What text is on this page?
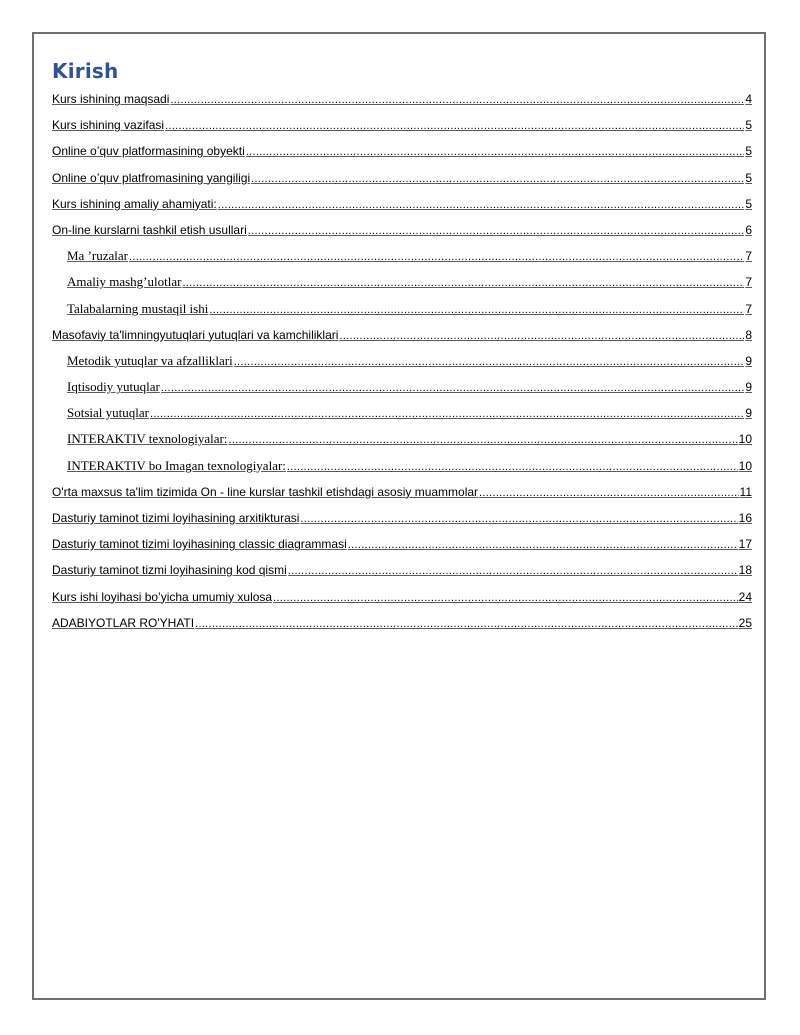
Kirish
Kurs ishining maqsadi .....	4
Kurs ishining vazifasi .....	5
Online o’quv platformasining obyekti .....	5
Online o’quv platfromasining yangiligi .....	5
Kurs ishining amaliy ahamiyati: .....	5
On-line kurslarni tashkil etish usullari .....	6
Ma ’ruzalar .....	7
Amaliy mashg’ulotlar .....	7
Talabalarning mustaqil ishi .....	7
Masofaviy ta'limningyutuqlari yutuqlari va kamchiliklari .....	8
Metodik yutuqlar va afzalliklari .....	9
Iqtisodiy yutuqlar .....	9
Sotsial yutuqlar .....	9
INTERAKTIV texnologiyalar: .....	10
INTERAKTIV bo Imagan texnologiyalar: .....	10
O'rta maxsus ta'lim tizimida On - line kurslar tashkil etishdagi asosiy muammolar .....	11
Dasturiy taminot tizimi loyihasining arxitikturasi .....	16
Dasturiy taminot tizimi loyihasining classic diagrammasi .....	17
Dasturiy taminot tizmi loyihasining kod qismi .....	18
Kurs ishi loyihasi bo’yicha umumiy xulosa .....	24
ADABIYOTLAR RO'YHATI .....	25
